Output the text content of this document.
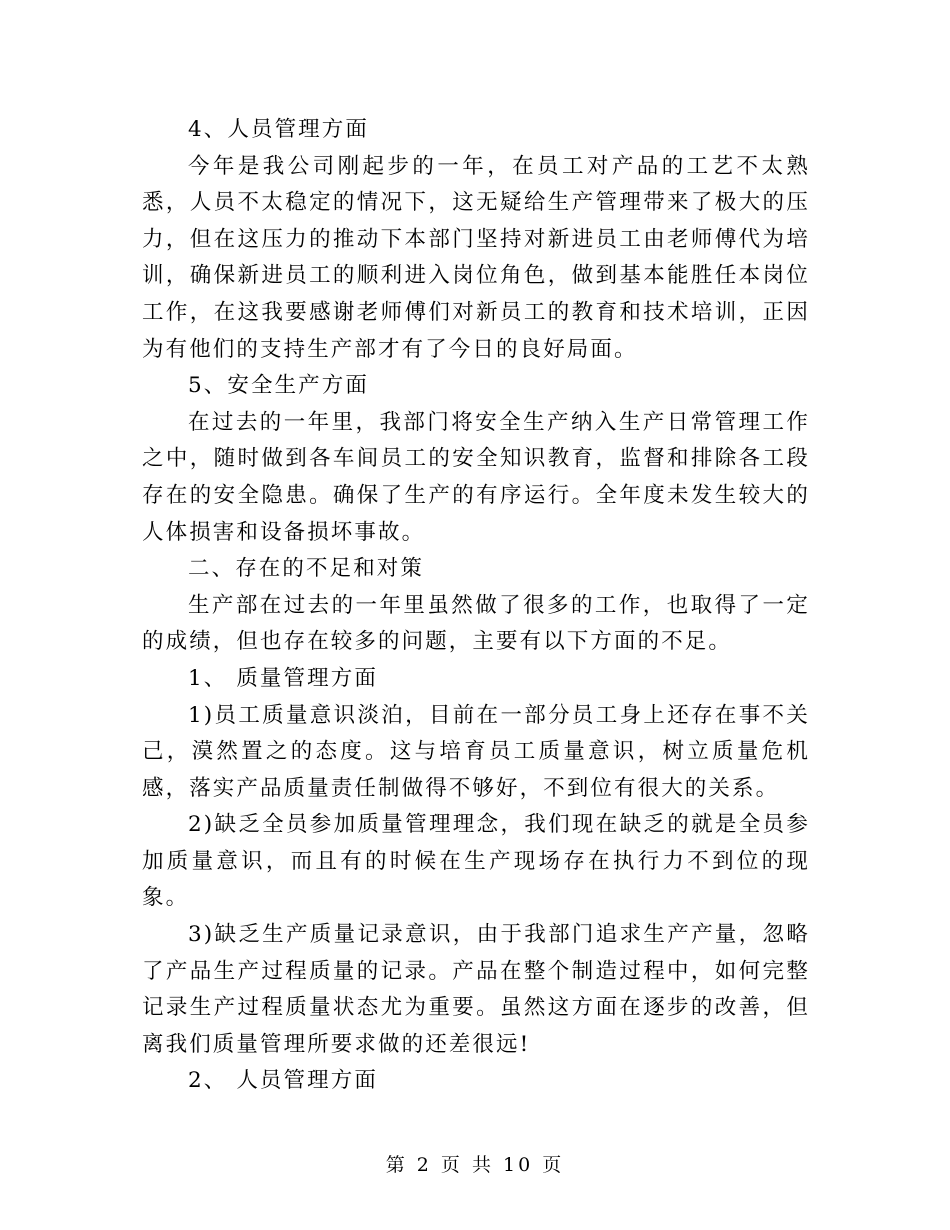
4、人员管理方面

今年是我公司刚起步的一年，在员工对产品的工艺不太熟悉，人员不太稳定的情况下，这无疑给生产管理带来了极大的压力，但在这压力的推动下本部门坚持对新进员工由老师傅代为培训，确保新进员工的顺利进入岗位角色，做到基本能胜任本岗位工作，在这我要感谢老师傅们对新员工的教育和技术培训，正因为有他们的支持生产部才有了今日的良好局面。

5、安全生产方面

在过去的一年里，我部门将安全生产纳入生产日常管理工作之中，随时做到各车间员工的安全知识教育，监督和排除各工段存在的安全隐患。确保了生产的有序运行。全年度未发生较大的人体损害和设备损坏事故。

二、存在的不足和对策

生产部在过去的一年里虽然做了很多的工作，也取得了一定的成绩，但也存在较多的问题，主要有以下方面的不足。

1、 质量管理方面

1)员工质量意识淡泊，目前在一部分员工身上还存在事不关己，漠然置之的态度。这与培育员工质量意识，树立质量危机感，落实产品质量责任制做得不够好，不到位有很大的关系。

2)缺乏全员参加质量管理理念，我们现在缺乏的就是全员参加质量意识，而且有的时候在生产现场存在执行力不到位的现象。

3)缺乏生产质量记录意识，由于我部门追求生产产量，忽略了产品生产过程质量的记录。产品在整个制造过程中，如何完整记录生产过程质量状态尤为重要。虽然这方面在逐步的改善，但离我们质量管理所要求做的还差很远!

2、 人员管理方面

第 2 页 共 10 页
